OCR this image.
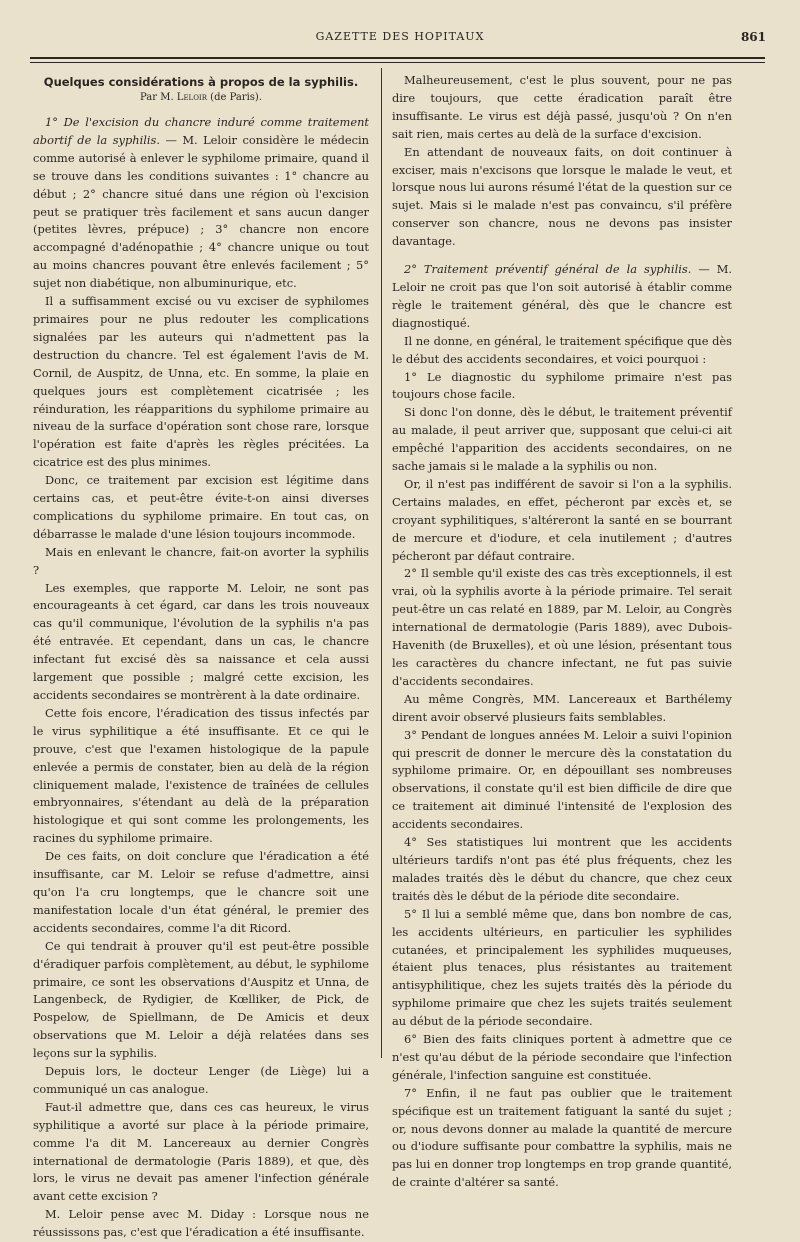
GAZETTE DES HOPITAUX	861
Quelques considérations à propos de la syphilis.
Par M. Leloir (de Paris).

1° De l'excision du chancre induré comme traitement abortif de la syphilis. — M. Leloir considère le médecin comme autorisé à enlever le syphilome primaire, quand il se trouve dans les conditions suivantes : 1° chancre au début ; 2° chancre situé dans une région où l'excision peut se pratiquer très facilement et sans aucun danger (petites lèvres, prépuce) ; 3° chancre non encore accompagné d'adénopathie ; 4° chancre unique ou tout au moins chancres pouvant être enlevés facilement ; 5° sujet non diabétique, non albuminurique, etc.

Il a suffisamment excisé ou vu exciser de syphilomes primaires pour ne plus redouter les complications signalées par les auteurs qui n'admettent pas la destruction du chancre. Tel est également l'avis de M. Cornil, de Auspitz, de Unna, etc. En somme, la plaie en quelques jours est complètement cicatrisée ; les réinduration, les réapparitions du syphilome primaire au niveau de la surface d'opération sont chose rare, lorsque l'opération est faite d'après les règles précitées. La cicatrice est des plus minimes.

Donc, ce traitement par excision est légitime dans certains cas, et peut-être évite-t-on ainsi diverses complications du syphilome primaire. En tout cas, on débarrasse le malade d'une lésion toujours incommode.

Mais en enlevant le chancre, fait-on avorter la syphilis ?

Les exemples, que rapporte M. Leloir, ne sont pas encourageants à cet égard, car dans les trois nouveaux cas qu'il communique, l'évolution de la syphilis n'a pas été entravée. Et cependant, dans un cas, le chancre infectant fut excisé dès sa naissance et cela aussi largement que possible ; malgré cette excision, les accidents secondaires se montrèrent à la date ordinaire.

Cette fois encore, l'éradication des tissus infectés par le virus syphilitique a été insuffisante. Et ce qui le prouve, c'est que l'examen histologique de la papule enlevée a permis de constater, bien au delà de la région cliniquement malade, l'existence de traînées de cellules embryonnaires, s'étendant au delà de la préparation histologique et qui sont comme les prolongements, les racines du syphilome primaire.

De ces faits, on doit conclure que l'éradication a été insuffisante, car M. Leloir se refuse d'admettre, ainsi qu'on l'a cru longtemps, que le chancre soit une manifestation locale d'un état général, le premier des accidents secondaires, comme l'a dit Ricord.

Ce qui tendrait à prouver qu'il est peut-être possible d'éradiquer parfois complètement, au début, le syphilome primaire, ce sont les observations d'Auspitz et Unna, de Langenbeck, de Rydigier, de Kœlliker, de Pick, de Pospelow, de Spiellmann, de De Amicis et deux observations que M. Leloir a déjà relatées dans ses leçons sur la syphilis.

Depuis lors, le docteur Lenger (de Liège) lui a communiqué un cas analogue.

Faut-il admettre que, dans ces cas heureux, le virus syphilitique a avorté sur place à la période primaire, comme l'a dit M. Lancereaux au dernier Congrès international de dermatologie (Paris 1889), et que, dès lors, le virus ne devait pas amener l'infection générale avant cette excision ?

M. Leloir pense avec M. Diday : Lorsque nous ne réussissons pas, c'est que l'éradication a été insuffisante.

Malheureusement, c'est le plus souvent, pour ne pas dire toujours, que cette éradication paraît être insuffisante. Le virus est déjà passé, jusqu'où ? On n'en sait rien, mais certes au delà de la surface d'excision.

En attendant de nouveaux faits, on doit continuer à exciser, mais n'excisons que lorsque le malade le veut, et lorsque nous lui aurons résumé l'état de la question sur ce sujet. Mais si le malade n'est pas convaincu, s'il préfère conserver son chancre, nous ne devons pas insister davantage.

2° Traitement préventif général de la syphilis. — M. Leloir ne croit pas que l'on soit autorisé à établir comme règle le traitement général, dès que le chancre est diagnostiqué.

Il ne donne, en général, le traitement spécifique que dès le début des accidents secondaires, et voici pourquoi :

1° Le diagnostic du syphilome primaire n'est pas toujours chose facile.

Si donc l'on donne, dès le début, le traitement préventif au malade, il peut arriver que, supposant que celui-ci ait empêché l'apparition des accidents secondaires, on ne sache jamais si le malade a la syphilis ou non.

Or, il n'est pas indifférent de savoir si l'on a la syphilis. Certains malades, en effet, pécheront par excès et, se croyant syphilitiques, s'altéreront la santé en se bourrant de mercure et d'iodure, et cela inutilement ; d'autres pécheront par défaut contraire.

2° Il semble qu'il existe des cas très exceptionnels, il est vrai, où la syphilis avorte à la période primaire. Tel serait peut-être un cas relaté en 1889, par M. Leloir, au Congrès international de dermatologie (Paris 1889), avec Dubois-Havenith (de Bruxelles), et où une lésion, présentant tous les caractères du chancre infectant, ne fut pas suivie d'accidents secondaires.

Au même Congrès, MM. Lancereaux et Barthélemy dirent avoir observé plusieurs faits semblables.

3° Pendant de longues années M. Leloir a suivi l'opinion qui prescrit de donner le mercure dès la constatation du syphilome primaire. Or, en dépouillant ses nombreuses observations, il constate qu'il est bien difficile de dire que ce traitement ait diminué l'intensité de l'explosion des accidents secondaires.

4° Ses statistiques lui montrent que les accidents ultérieurs tardifs n'ont pas été plus fréquents, chez les malades traités dès le début du chancre, que chez ceux traités dès le début de la période dite secondaire.

5° Il lui a semblé même que, dans bon nombre de cas, les accidents ultérieurs, en particulier les syphilides cutanées, et principalement les syphilides muqueuses, étaient plus tenaces, plus résistantes au traitement antisyphilitique, chez les sujets traités dès la période du syphilome primaire que chez les sujets traités seulement au début de la période secondaire.

6° Bien des faits cliniques portent à admettre que ce n'est qu'au début de la période secondaire que l'infection générale, l'infection sanguine est constituée.

7° Enfin, il ne faut pas oublier que le traitement spécifique est un traitement fatiguant la santé du sujet ; or, nous devons donner au malade la quantité de mercure ou d'iodure suffisante pour combattre la syphilis, mais ne pas lui en donner trop longtemps en trop grande quantité, de crainte d'altérer sa santé.
